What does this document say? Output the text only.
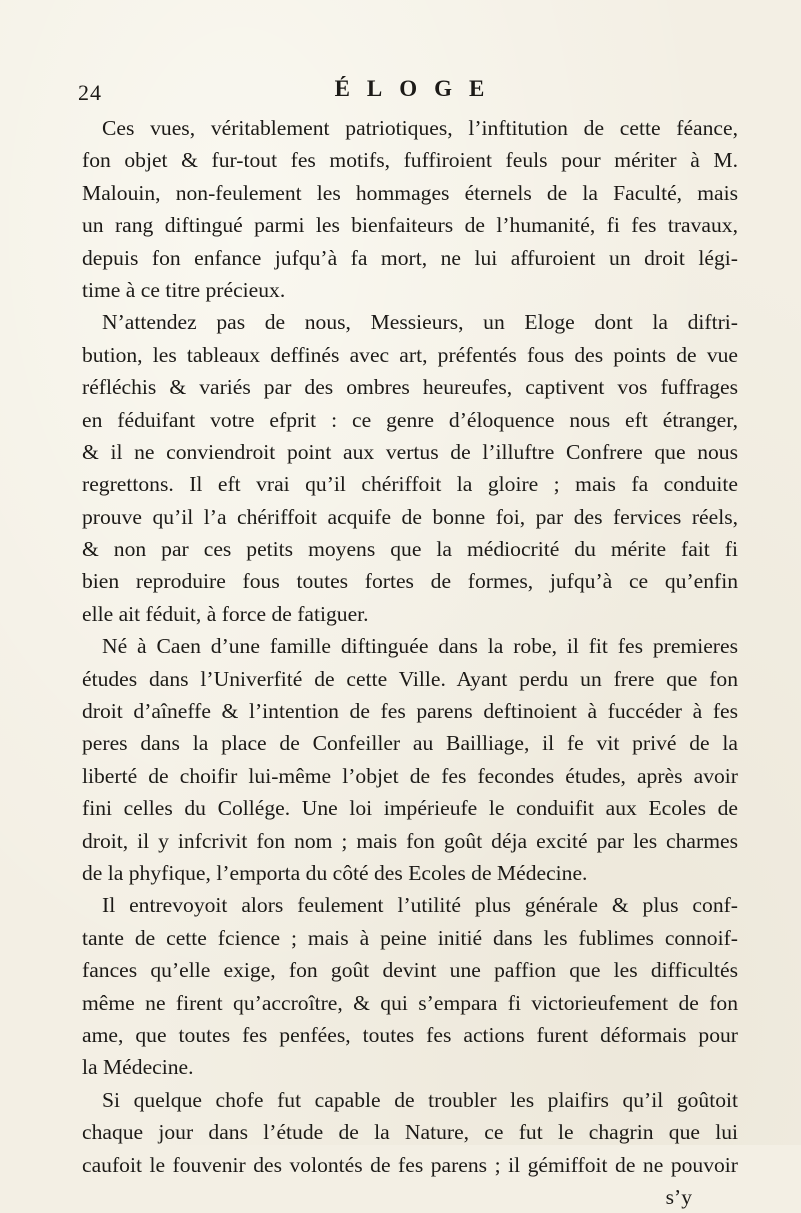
24	ÉLOGE
Ces vues, véritablement patriotiques, l’inftitution de cette féance,
fon objet & fur-tout fes motifs, fuffiroient feuls pour mériter à M.
Malouin, non-feulement les hommages éternels de la Faculté, mais
un rang diftingué parmi les bienfaiteurs de l’humanité, fi fes travaux,
depuis fon enfance jufqu’à fa mort, ne lui affuroient un droit légi-
time à ce titre précieux.
N’attendez pas de nous, Messieurs, un Eloge dont la diftri-
bution, les tableaux deffinés avec art, préfentés fous des points de vue
réfléchis & variés par des ombres heureufes, captivent vos fuffrages
en féduifant votre efprit : ce genre d’éloquence nous eft étranger,
& il ne conviendroit point aux vertus de l’illuftre Confrere que nous
regrettons. Il eft vrai qu’il chériffoit la gloire ; mais fa conduite
prouve qu’il l’a chériffoit acquife de bonne foi, par des fervices réels,
& non par ces petits moyens que la médiocrité du mérite fait fi
bien reproduire fous toutes fortes de formes, jufqu’à ce qu’enfin
elle ait féduit, à force de fatiguer.
Né à Caen d’une famille diftinguée dans la robe, il fit fes premieres
études dans l’Univerfité de cette Ville. Ayant perdu un frere que fon
droit d’aîneffe & l’intention de fes parens deftinoient à fuccéder à fes
peres dans la place de Confeiller au Bailliage, il fe vit privé de la
liberté de choifir lui-même l’objet de fes fecondes études, après avoir
fini celles du Collége. Une loi impérieufe le conduifit aux Ecoles de
droit, il y infcrivit fon nom ; mais fon goût déja excité par les charmes
de la phyfique, l’emporta du côté des Ecoles de Médecine.
Il entrevoyoit alors feulement l’utilité plus générale & plus conf-
tante de cette fcience ; mais à peine initié dans les fublimes connoif-
fances qu’elle exige, fon goût devint une paffion que les difficultés
même ne firent qu’accroître, & qui s’empara fi victorieufement de fon
ame, que toutes fes penfées, toutes fes actions furent déformais pour
la Médecine.
Si quelque chofe fut capable de troubler les plaifirs qu’il goûtoit
chaque jour dans l’étude de la Nature, ce fut le chagrin que lui
caufoit le fouvenir des volontés de fes parens ; il gémiffoit de ne pouvoir
s’y
